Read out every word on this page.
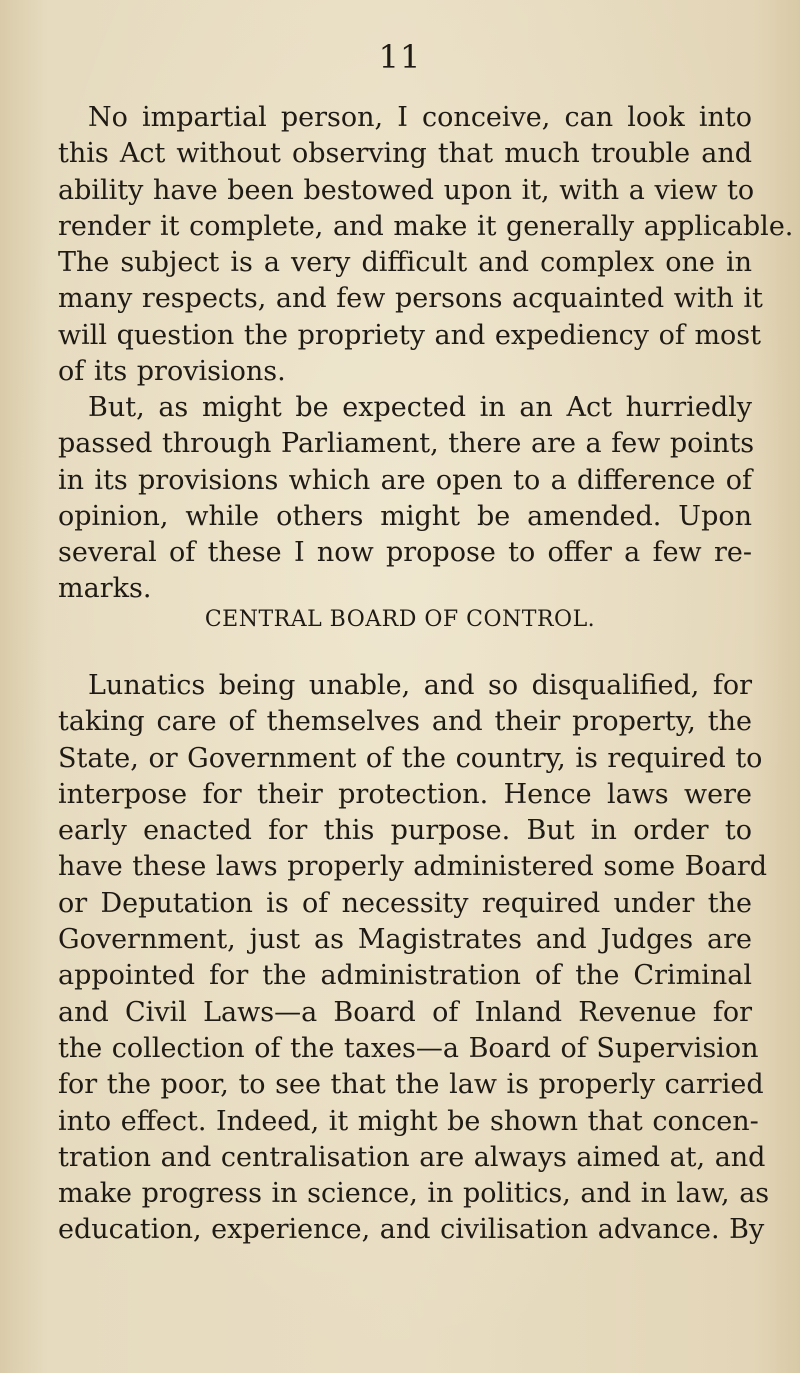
11
No impartial person, I conceive, can look into
this Act without observing that much trouble and
ability have been bestowed upon it, with a view to
render it complete, and make it generally applicable.
The subject is a very difficult and complex one in
many respects, and few persons acquainted with it
will question the propriety and expediency of most
of its provisions.
But, as might be expected in an Act hurriedly
passed through Parliament, there are a few points
in its provisions which are open to a difference of
opinion, while others might be amended. Upon
several of these I now propose to offer a few re-
marks.
CENTRAL BOARD OF CONTROL.
Lunatics being unable, and so disqualified, for
taking care of themselves and their property, the
State, or Government of the country, is required to
interpose for their protection. Hence laws were
early enacted for this purpose. But in order to
have these laws properly administered some Board
or Deputation is of necessity required under the
Government, just as Magistrates and Judges are
appointed for the administration of the Criminal
and Civil Laws—a Board of Inland Revenue for
the collection of the taxes—a Board of Supervision
for the poor, to see that the law is properly carried
into effect. Indeed, it might be shown that concen-
tration and centralisation are always aimed at, and
make progress in science, in politics, and in law, as
education, experience, and civilisation advance. By
